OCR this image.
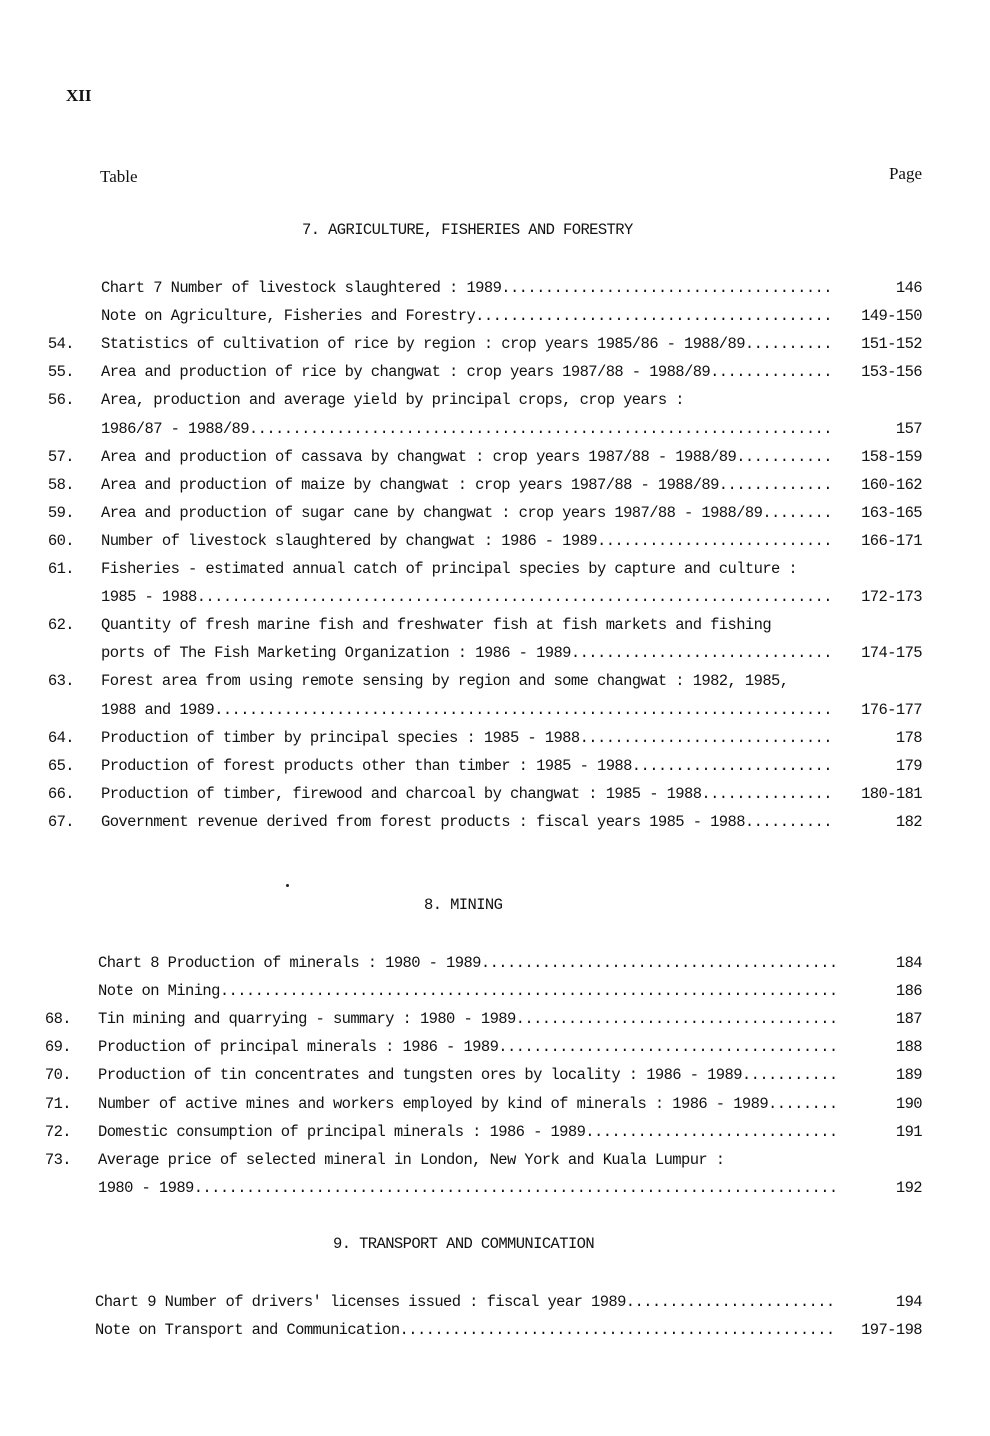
XII
Table	Page
7. AGRICULTURE, FISHERIES AND FORESTRY
Chart 7 Number of livestock slaughtered : 1989......................................	146
Note on Agriculture, Fisheries and Forestry.........................................	149-150
54. Statistics of cultivation of rice by region : crop years 1985/86 - 1988/89..........	151-152
55. Area and production of rice by changwat : crop years 1987/88 - 1988/89..............	153-156
56. Area, production and average yield by principal crops, crop years :
1986/87 - 1988/89...................................................................	157
57. Area and production of cassava by changwat : crop years 1987/88 - 1988/89...........	158-159
58. Area and production of maize by changwat : crop years 1987/88 - 1988/89.............	160-162
59. Area and production of sugar cane by changwat : crop years 1987/88 - 1988/89........	163-165
60. Number of livestock slaughtered by changwat : 1986 - 1989...........................	166-171
61. Fisheries - estimated annual catch of principal species by capture and culture :
1985 - 1988.........................................................................	172-173
62. Quantity of fresh marine fish and freshwater fish at fish markets and fishing
ports of The Fish Marketing Organization : 1986 - 1989..............................	174-175
63. Forest area from using remote sensing by region and some changwat : 1982, 1985,
1988 and 1989.......................................................................	176-177
64. Production of timber by principal species : 1985 - 1988.............................	178
65. Production of forest products other than timber : 1985 - 1988.......................	179
66. Production of timber, firewood and charcoal by changwat : 1985 - 1988...............	180-181
67. Government revenue derived from forest products : fiscal years 1985 - 1988..........	182
8. MINING
Chart 8 Production of minerals : 1980 - 1989.........................................	184
Note on Mining.......................................................................	186
68. Tin mining and quarrying - summary : 1980 - 1989.....................................	187
69. Production of principal minerals : 1986 - 1989.......................................	188
70. Production of tin concentrates and tungsten ores by locality : 1986 - 1989...........	189
71. Number of active mines and workers employed by kind of minerals : 1986 - 1989........	190
72. Domestic consumption of principal minerals : 1986 - 1989.............................	191
73. Average price of selected mineral in London, New York and Kuala Lumpur :
1980 - 1989..........................................................................	192
9. TRANSPORT AND COMMUNICATION
Chart 9 Number of drivers' licenses issued : fiscal year 1989........................	194
Note on Transport and Communication..................................................	197-198
